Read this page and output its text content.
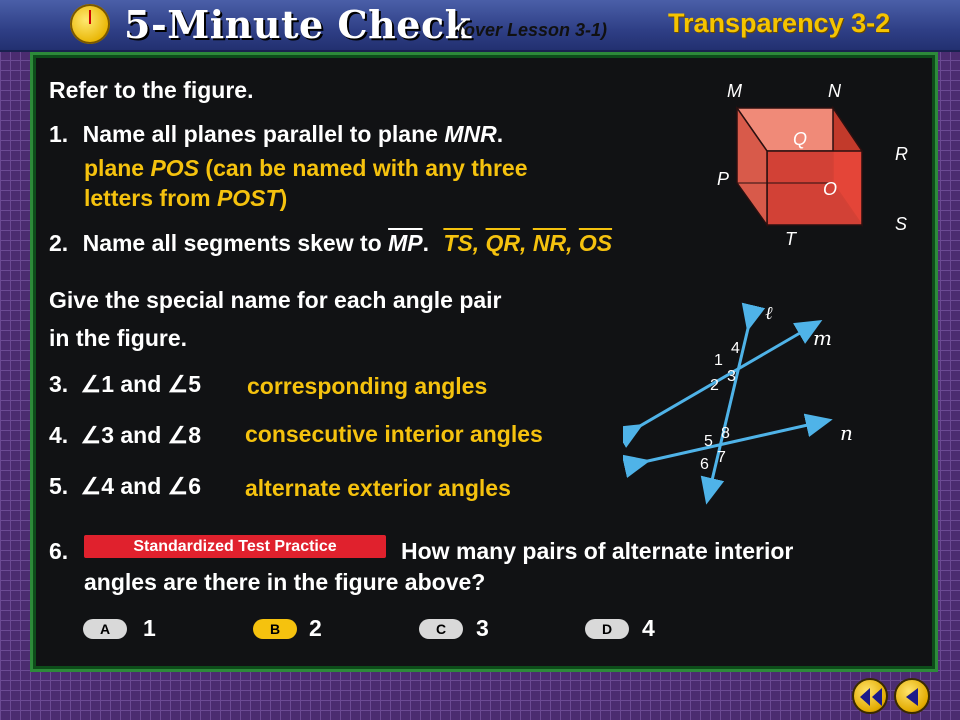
5-Minute Check
(over Lesson 3-1) Transparency 3-2
Refer to the figure.
1. Name all planes parallel to plane MNR.
plane POS (can be named with any three
letters from POST)
2. Name all segments skew to $\overline{MP}$. $\overline{TS}$, $\overline{QR}$, $\overline{NR}$, $\overline{OS}$
Give the special name for each angle pair
in the figure.
3. ∠1 and ∠5 corresponding angles
4. ∠3 and ∠8 consecutive interior angles
5. ∠4 and ∠6 alternate exterior angles
6.	How many pairs of alternate interior
angles are there in the figure above?
A	1	B	2	C	3	D	4
M	N
Q
R
P	O
T
S
ℓ
m
n
1
4
2
3
5 8
6 7
Standardized Test Practice
